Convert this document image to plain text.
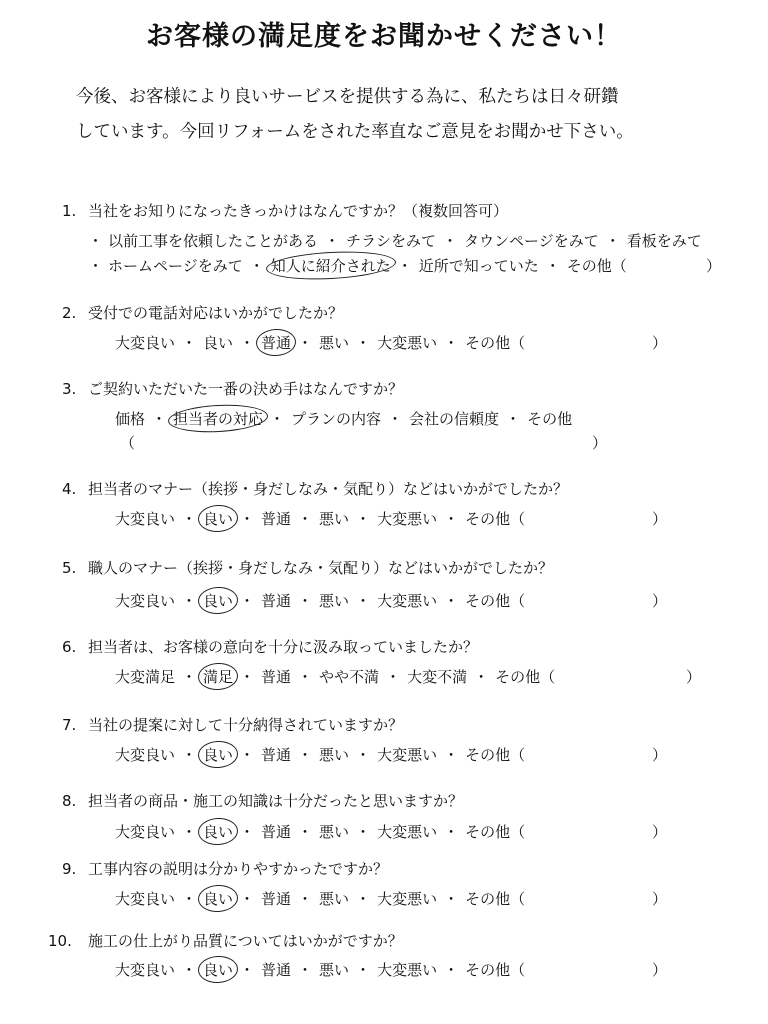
お客様の満足度をお聞かせください！

今後、お客様により良いサービスを提供する為に、私たちは日々研鑽

しています。今回リフォームをされた率直なご意見をお聞かせ下さい。

1. 当社をお知りになったきっかけはなんですか？（複数回答可）
・ 以前工事を依頼したことがある ・ チラシをみて ・ タウンページをみて ・ 看板をみて
・ ホームページをみて ・ 知人に紹介された ・ 近所で知っていた ・ その他（	）
2. 受付での電話対応はいかがでしたか？
大変良い ・ 良い ・ 普通 ・ 悪い ・ 大変悪い ・ その他（	）
3. ご契約いただいた一番の決め手はなんですか？
価格 ・ 担当者の対応 ・ プランの内容 ・ 会社の信頼度 ・ その他
（	）
4. 担当者のマナー（挨拶・身だしなみ・気配り）などはいかがでしたか？
大変良い ・ 良い ・ 普通 ・ 悪い ・ 大変悪い ・ その他（	）
5. 職人のマナー（挨拶・身だしなみ・気配り）などはいかがでしたか？
大変良い ・ 良い ・ 普通 ・ 悪い ・ 大変悪い ・ その他（	）
6. 担当者は、お客様の意向を十分に汲み取っていましたか？
大変満足 ・ 満足 ・ 普通 ・ やや不満 ・ 大変不満 ・ その他（	）
7. 当社の提案に対して十分納得されていますか？
大変良い ・ 良い ・ 普通 ・ 悪い ・ 大変悪い ・ その他（	）
8. 担当者の商品・施工の知識は十分だったと思いますか？
大変良い ・ 良い ・ 普通 ・ 悪い ・ 大変悪い ・ その他（	）
9. 工事内容の説明は分かりやすかったですか？
大変良い ・ 良い ・ 普通 ・ 悪い ・ 大変悪い ・ その他（	）
10. 施工の仕上がり品質についてはいかがですか？
大変良い ・ 良い ・ 普通 ・ 悪い ・ 大変悪い ・ その他（	）
